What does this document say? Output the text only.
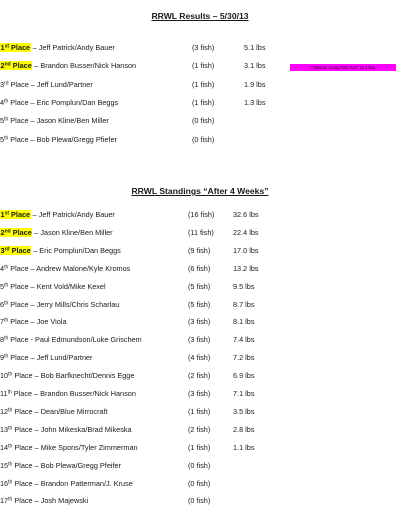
RRWL Results – 5/30/13
**Winner of Big Fish Pot** (5.1 lbs)
1st Place – Jeff Patrick/Andy Bauer	(3 fish)	5.1 lbs
2nd Place – Brandon Busser/Nick Hanson	(1 fish)	3.1 lbs
3rd Place – Jeff Lund/Partner	(1 fish)	1.9 lbs
4th Place – Eric Pomplun/Dan Beggs	(1 fish)	1.3 lbs
5th Place – Jason Kline/Ben Miller	(0 fish)
5th Place – Bob Plewa/Gregg Pfiefer	(0 fish)
RRWL Standings “After 4 Weeks”
1st Place – Jeff Patrick/Andy Bauer	(16 fish)	32.6 lbs
2nd Place – Jason Kline/Ben Miller	(11 fish)	22.4 lbs
3rd Place – Eric Pomplun/Dan Beggs	(9 fish)	17.0 lbs
4th Place – Andrew Malone/Kyle Kromos	(6 fish)	13.2 lbs
5th Place – Kent Vold/Mike Kexel	(5 fish)	9.5 lbs
6th Place – Jerry Mills/Chris Scharlau	(5 fish)	8.7 lbs
7th Place – Joe Viola	(3 fish)	8.1 lbs
8th Place - Paul Edmundson/Luke Grischem	(3 fish)	7.4 lbs
9th Place – Jeff Lund/Partner	(4 fish)	7.2 lbs
10th Place – Bob Barfknecht/Dennis Egge	(2 fish)	6.9 lbs
11th Place – Brandon Busser/Nick Hanson	(3 fish)	7.1 lbs
12th Place – Dean/Blue Mirrocraft	(1 fish)	3.5 lbs
13th Place – John Mikeska/Brad Mikeska	(2 fish)	2.8 lbs
14th Place – Mike Spons/Tyler Zimmerman	(1 fish)	1.1 lbs
15th Place – Bob Plewa/Gregg Pfeifer	(0 fish)
16th Place – Brandon Patterman/J. Kruse	(0 fish)
17th Place – Josh Majewski	(0 fish)
